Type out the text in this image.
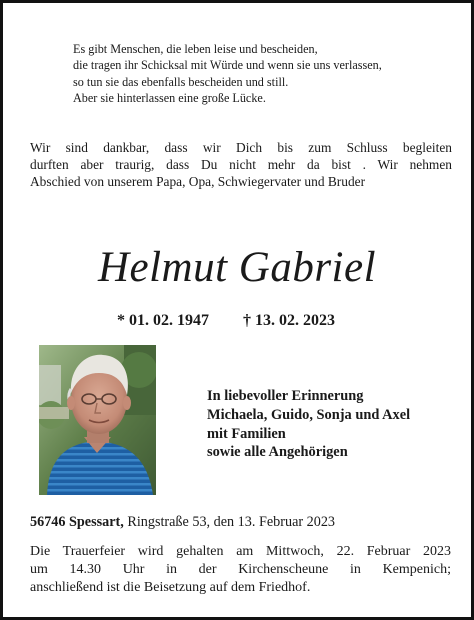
Es gibt Menschen, die leben leise und bescheiden,
die tragen ihr Schicksal mit Würde und wenn sie uns verlassen,
so tun sie das ebenfalls bescheiden und still.
Aber sie hinterlassen eine große Lücke.
Wir sind dankbar, dass wir Dich bis zum Schluss begleiten
durften aber traurig, dass Du nicht mehr da bist . Wir nehmen
Abschied von unserem Papa, Opa, Schwiegervater und Bruder
Helmut Gabriel
* 01. 02. 1947 † 13. 02. 2023
In liebevoller Erinnerung
Michaela, Guido, Sonja und Axel
mit Familien
sowie alle Angehörigen
56746 Spessart, Ringstraße 53, den 13. Februar 2023
Die Trauerfeier wird gehalten am Mittwoch, 22. Februar 2023
um 14.30 Uhr in der Kirchenscheune in Kempenich;
anschließend ist die Beisetzung auf dem Friedhof.
